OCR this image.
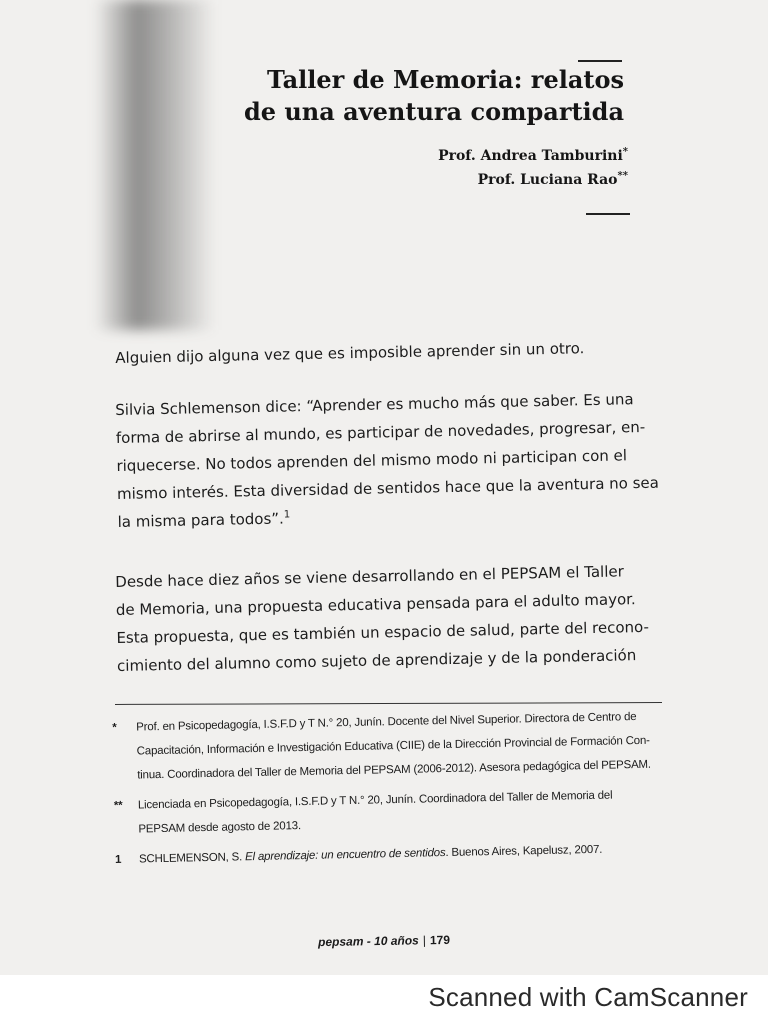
Taller de Memoria: relatos
de una aventura compartida
Prof. Andrea Tamburini*
Prof. Luciana Rao**
Alguien dijo alguna vez que es imposible aprender sin un otro.
Silvia Schlemenson dice: “Aprender es mucho más que saber. Es una
forma de abrirse al mundo, es participar de novedades, progresar, en-
riquecerse. No todos aprenden del mismo modo ni participan con el
mismo interés. Esta diversidad de sentidos hace que la aventura no sea
la misma para todos”.$^1$
Desde hace diez años se viene desarrollando en el PEPSAM el Taller
de Memoria, una propuesta educativa pensada para el adulto mayor.
Esta propuesta, que es también un espacio de salud, parte del recono-
cimiento del alumno como sujeto de aprendizaje y de la ponderación
*	Prof. en Psicopedagogía, I.S.F.D y T N.° 20, Junín. Docente del Nivel Superior. Directora de Centro de
Capacitación, Información e Investigación Educativa (CIIE) de la Dirección Provincial de Formación Con-
tinua. Coordinadora del Taller de Memoria del PEPSAM (2006-2012). Asesora pedagógica del PEPSAM.
**	Licenciada en Psicopedagogía, I.S.F.D y T N.° 20, Junín. Coordinadora del Taller de Memoria del
PEPSAM desde agosto de 2013.
1	SCHLEMENSON, S. El aprendizaje: un encuentro de sentidos. Buenos Aires, Kapelusz, 2007.
pepsam - 10 años | 179
Scanned with CamScanner
